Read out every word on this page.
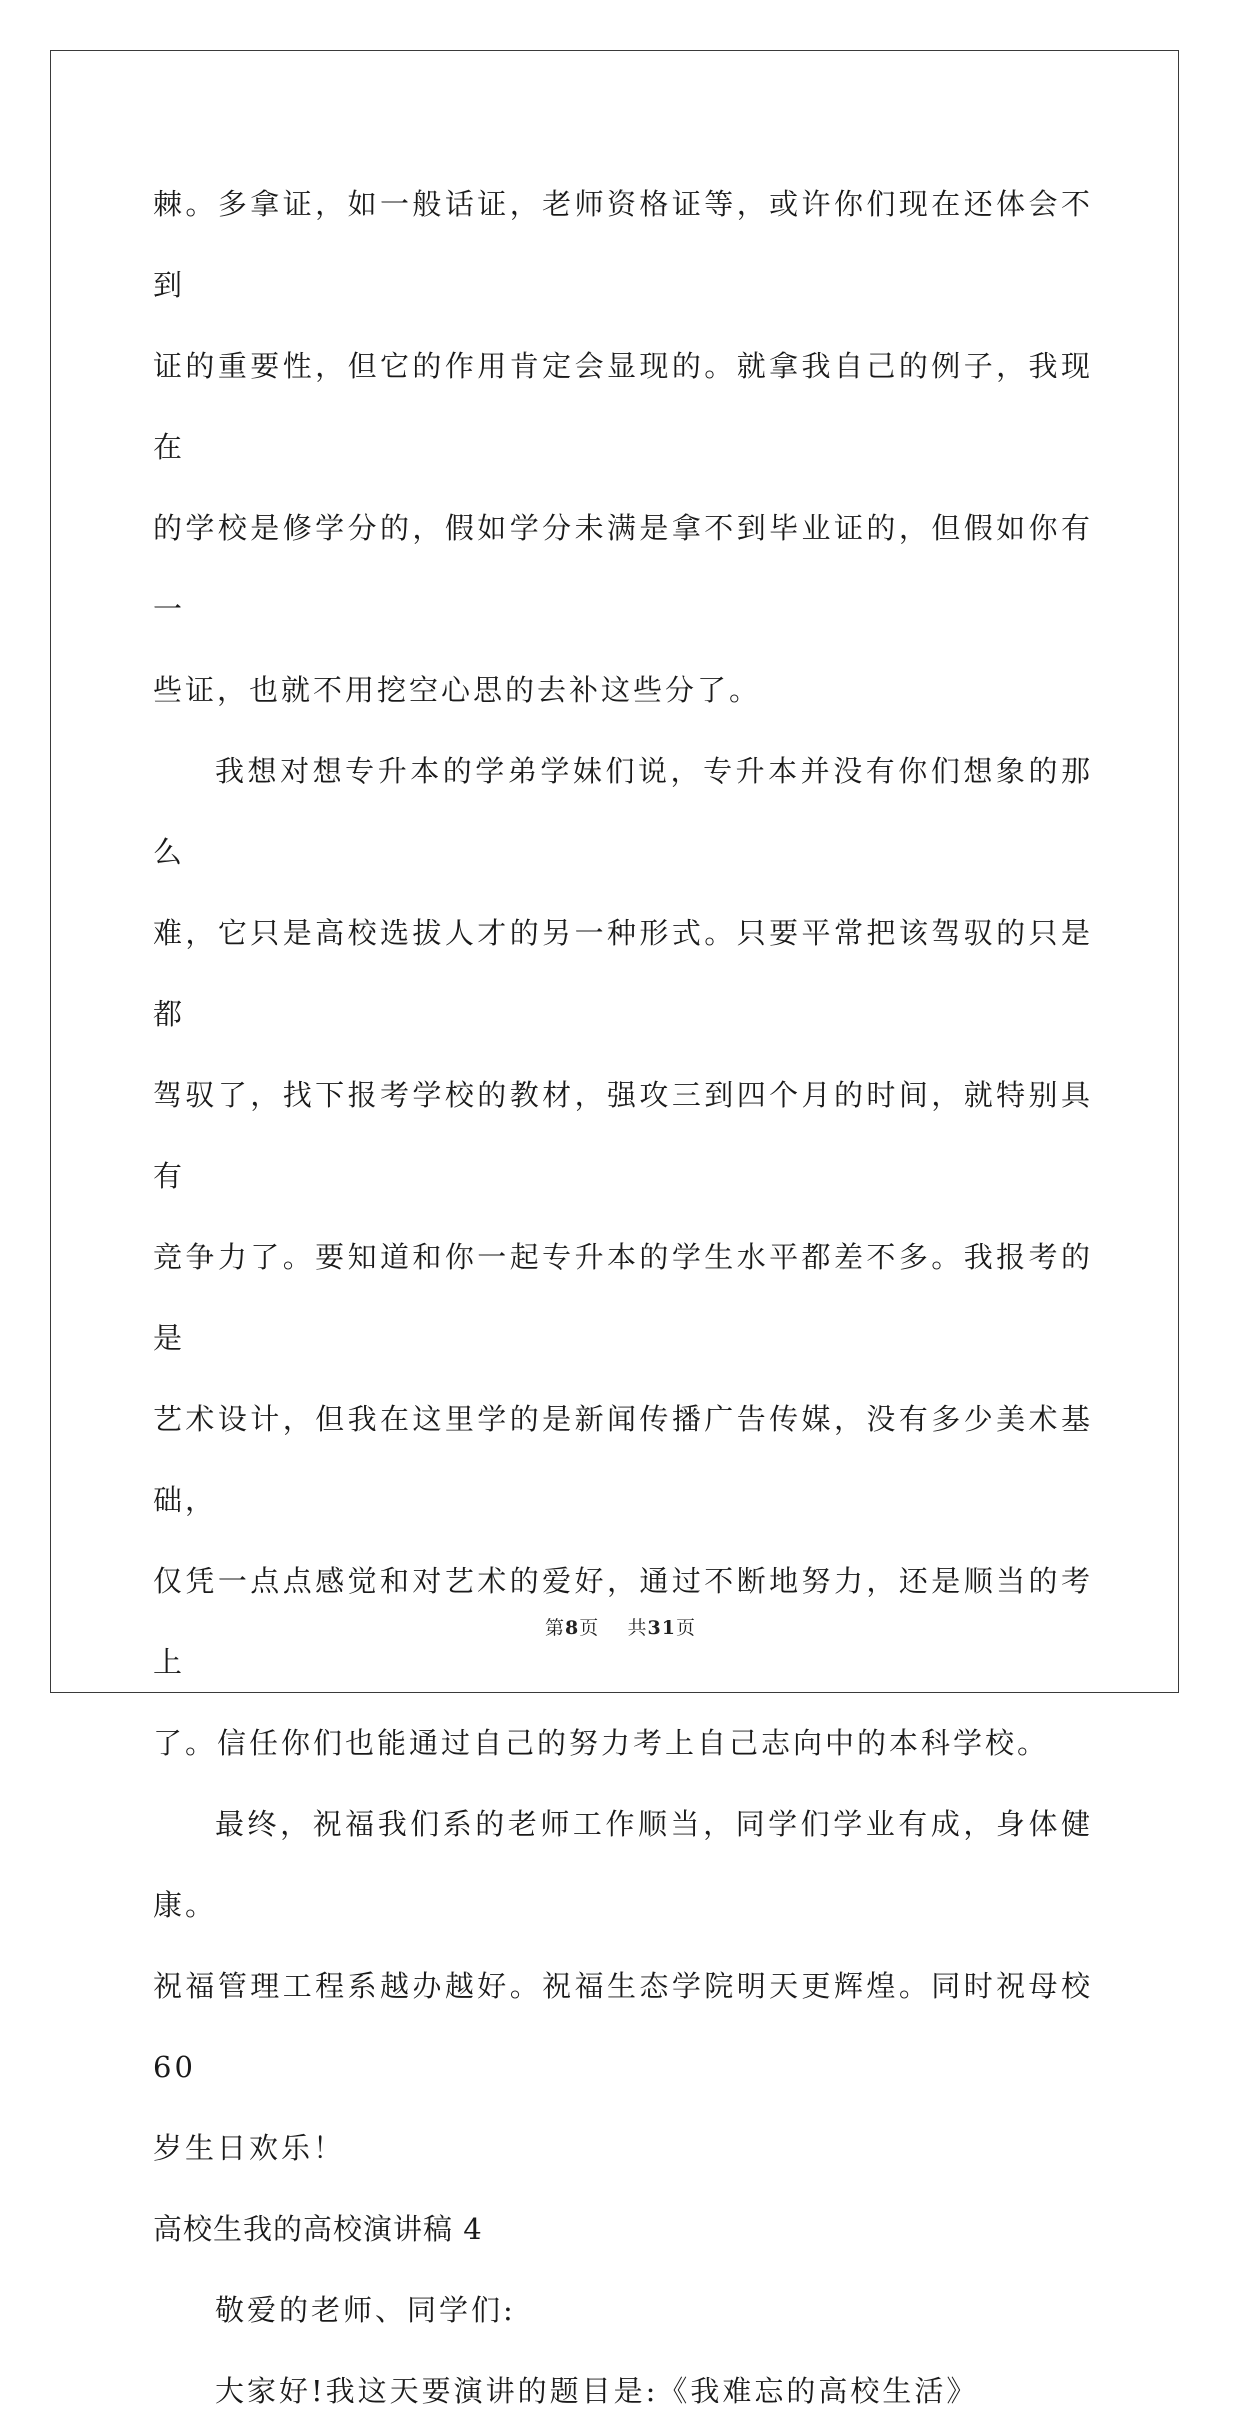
棘。多拿证，如一般话证，老师资格证等，或许你们现在还体会不到
证的重要性，但它的作用肯定会显现的。就拿我自己的例子，我现在
的学校是修学分的，假如学分未满是拿不到毕业证的，但假如你有一
些证，也就不用挖空心思的去补这些分了。

我想对想专升本的学弟学妹们说，专升本并没有你们想象的那么
难，它只是高校选拔人才的另一种形式。只要平常把该驾驭的只是都
驾驭了，找下报考学校的教材，强攻三到四个月的时间，就特别具有
竞争力了。要知道和你一起专升本的学生水平都差不多。我报考的是
艺术设计，但我在这里学的是新闻传播广告传媒，没有多少美术基础，
仅凭一点点感觉和对艺术的爱好，通过不断地努力，还是顺当的考上
了。信任你们也能通过自己的努力考上自己志向中的本科学校。

最终，祝福我们系的老师工作顺当，同学们学业有成，身体健康。
祝福管理工程系越办越好。祝福生态学院明天更辉煌。同时祝母校 60
岁生日欢乐！

高校生我的高校演讲稿 4

敬爱的老师、同学们:

大家好!我这天要演讲的题目是:《我难忘的高校生活》

第8页 共31页
